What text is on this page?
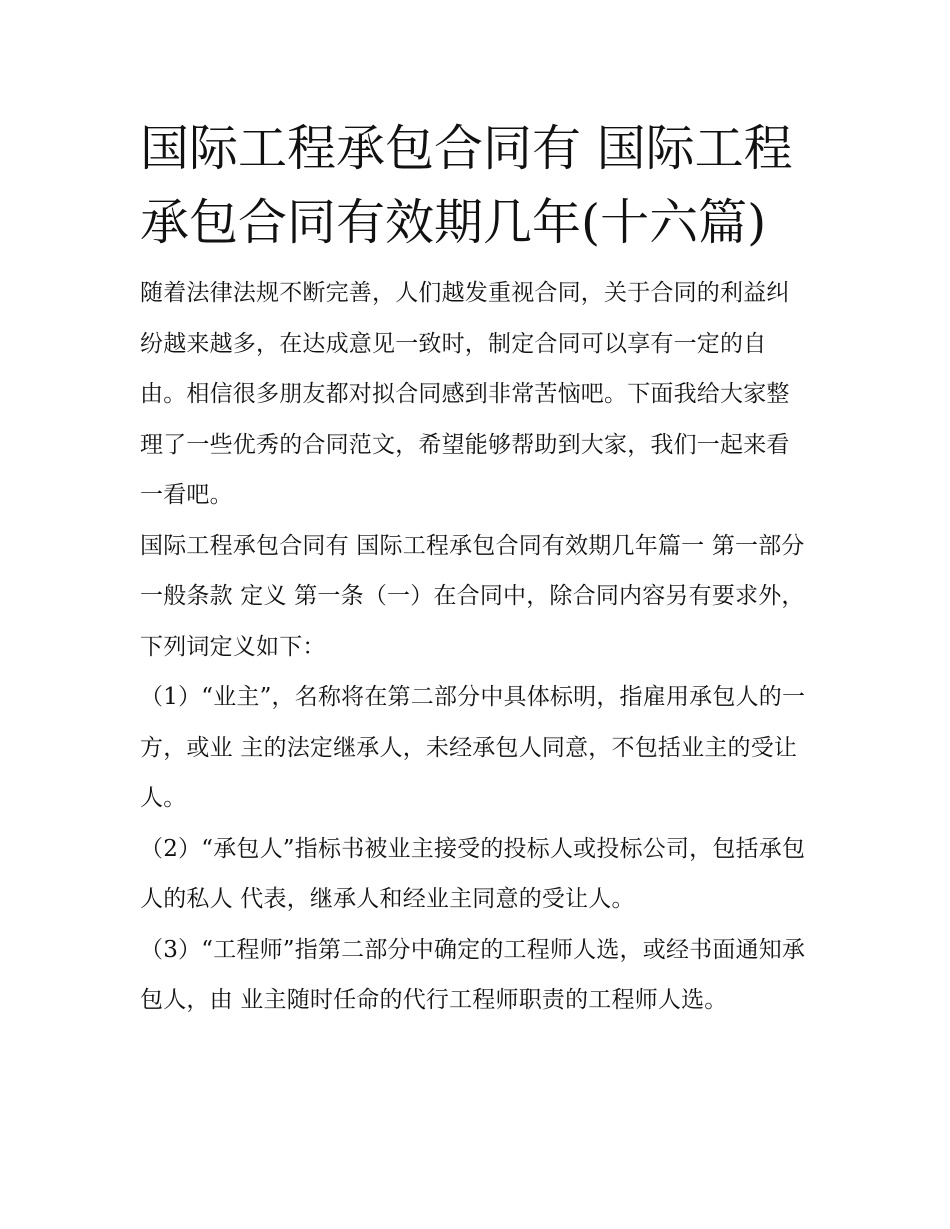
国际工程承包合同有 国际工程承包合同有效期几年(十六篇)

随着法律法规不断完善，人们越发重视合同，关于合同的利益纠纷越来越多，在达成意见一致时，制定合同可以享有一定的自由。相信很多朋友都对拟合同感到非常苦恼吧。下面我给大家整理了一些优秀的合同范文，希望能够帮助到大家，我们一起来看一看吧。

国际工程承包合同有 国际工程承包合同有效期几年篇一 第一部分一般条款 定义 第一条（一）在合同中，除合同内容另有要求外，下列词定义如下：

（1）“业主”，名称将在第二部分中具体标明，指雇用承包人的一方，或业 主的法定继承人，未经承包人同意，不包括业主的受让人。

（2）“承包人”指标书被业主接受的投标人或投标公司，包括承包人的私人 代表，继承人和经业主同意的受让人。

（3）“工程师”指第二部分中确定的工程师人选，或经书面通知承包人，由 业主随时任命的代行工程师职责的工程师人选。
